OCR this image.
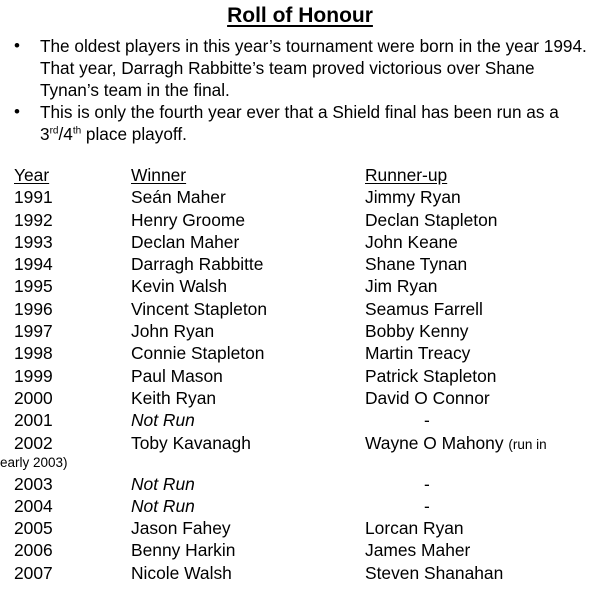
Roll of Honour
• The oldest players in this year’s tournament were born in the year 1994. That year, Darragh Rabbitte’s team proved victorious over Shane Tynan’s team in the final.
• This is only the fourth year ever that a Shield final has been run as a 3rd/4th place playoff.
Year	Winner	Runner-up
1991	Seán Maher	Jimmy Ryan
1992	Henry Groome	Declan Stapleton
1993	Declan Maher	John Keane
1994	Darragh Rabbitte	Shane Tynan
1995	Kevin Walsh	Jim Ryan
1996	Vincent Stapleton	Seamus Farrell
1997	John Ryan	Bobby Kenny
1998	Connie Stapleton	Martin Treacy
1999	Paul Mason	Patrick Stapleton
2000	Keith Ryan	David O Connor
2001	Not Run	-
2002	Toby Kavanagh	Wayne O Mahony (run in
early 2003)
2003	Not Run	-
2004	Not Run	-
2005	Jason Fahey	Lorcan Ryan
2006	Benny Harkin	James Maher
2007	Nicole Walsh	Steven Shanahan
